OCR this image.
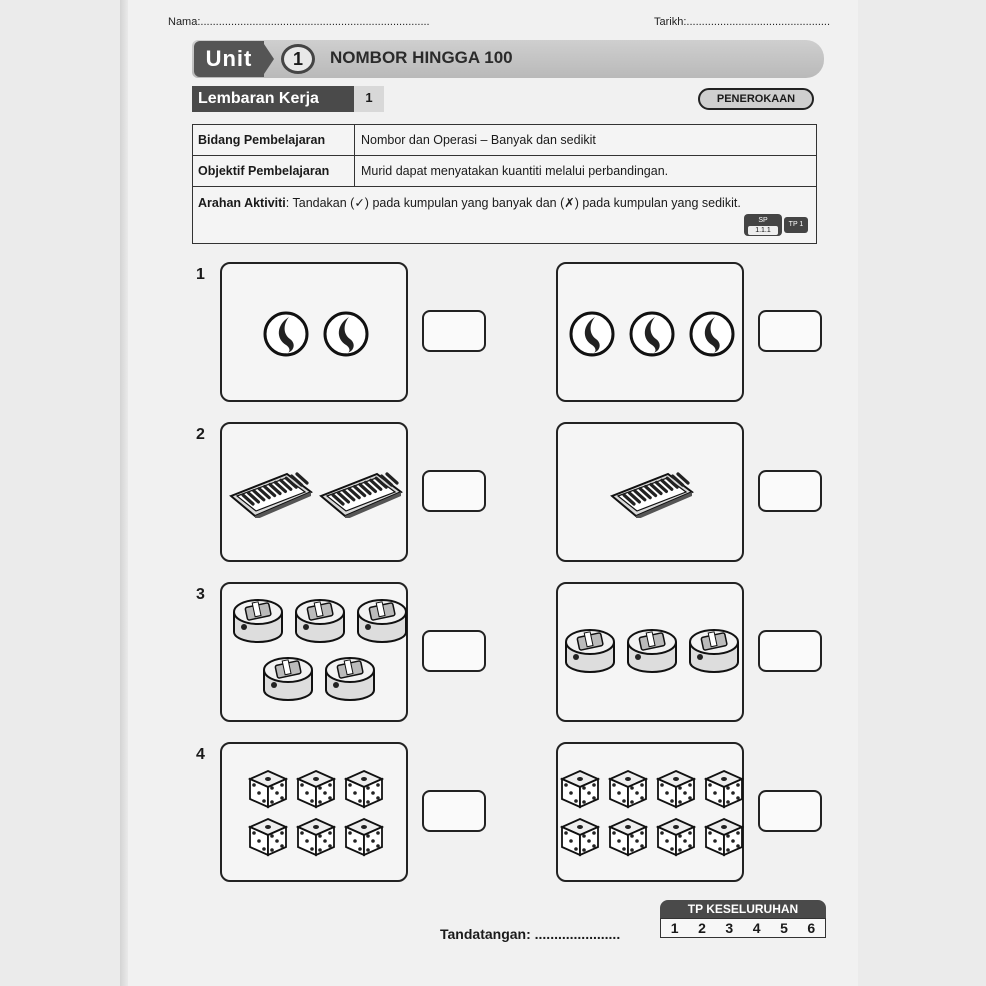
Nama:...........................................................................	Tarikh:...............................................
Unit	1	NOMBOR HINGGA 100
Lembaran Kerja	1	PENEROKAAN
Bidang Pembelajaran	Nombor dan Operasi – Banyak dan sedikit
Objektif Pembelajaran	Murid dapat menyatakan kuantiti melalui perbandingan.
Arahan Aktiviti: Tandakan (✓) pada kumpulan yang banyak dan (✗) pada kumpulan yang sedikit.
SP
1.1.1
TP 1
1
2
3
4
Tandatangan: ......................
TP KESELURUHAN
1 2 3 4 5 6
